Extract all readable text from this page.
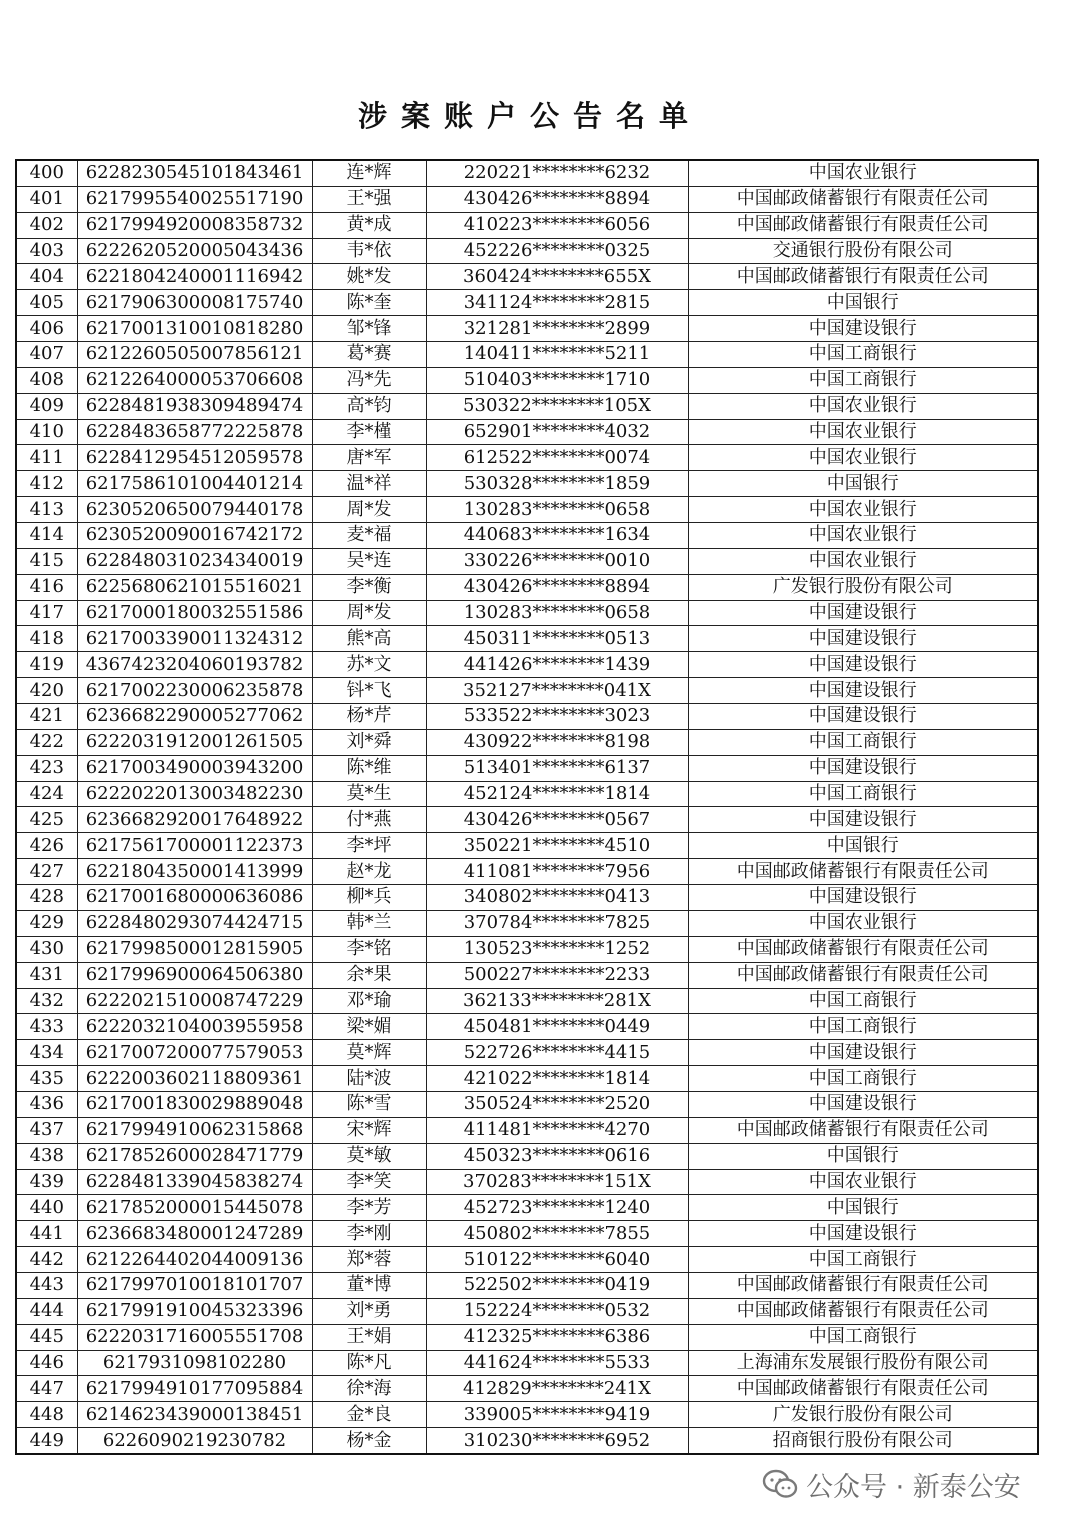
涉案账户公告名单
400	6228230545101843461	连*辉	220221********6232	中国农业银行
401	6217995540025517190	王*强	430426********8894	中国邮政储蓄银行有限责任公司
402	6217994920008358732	黄*成	410223********6056	中国邮政储蓄银行有限责任公司
403	6222620520005043436	韦*依	452226********0325	交通银行股份有限公司
404	6221804240001116942	姚*发	360424********655X	中国邮政储蓄银行有限责任公司
405	6217906300008175740	陈*奎	341124********2815	中国银行
406	6217001310010818280	邹*锋	321281********2899	中国建设银行
407	6212260505007856121	葛*赛	140411********5211	中国工商银行
408	6212264000053706608	冯*先	510403********1710	中国工商银行
409	6228481938309489474	高*钧	530322********105X	中国农业银行
410	6228483658772225878	李*槿	652901********4032	中国农业银行
411	6228412954512059578	唐*军	612522********0074	中国农业银行
412	6217586101004401214	温*祥	530328********1859	中国银行
413	6230520650079440178	周*发	130283********0658	中国农业银行
414	6230520090016742172	麦*福	440683********1634	中国农业银行
415	6228480310234340019	吴*连	330226********0010	中国农业银行
416	6225680621015516021	李*衡	430426********8894	广发银行股份有限公司
417	6217000180032551586	周*发	130283********0658	中国建设银行
418	6217003390011324312	熊*高	450311********0513	中国建设银行
419	4367423204060193782	苏*文	441426********1439	中国建设银行
420	6217002230006235878	钭*飞	352127********041X	中国建设银行
421	6236682290005277062	杨*芹	533522********3023	中国建设银行
422	6222031912001261505	刘*舜	430922********8198	中国工商银行
423	6217003490003943200	陈*维	513401********6137	中国建设银行
424	6222022013003482230	莫*生	452124********1814	中国工商银行
425	6236682920017648922	付*燕	430426********0567	中国建设银行
426	6217561700001122373	李*坪	350221********4510	中国银行
427	6221804350001413999	赵*龙	411081********7956	中国邮政储蓄银行有限责任公司
428	6217001680000636086	柳*兵	340802********0413	中国建设银行
429	6228480293074424715	韩*兰	370784********7825	中国农业银行
430	6217998500012815905	李*铭	130523********1252	中国邮政储蓄银行有限责任公司
431	6217996900064506380	余*果	500227********2233	中国邮政储蓄银行有限责任公司
432	6222021510008747229	邓*瑜	362133********281X	中国工商银行
433	6222032104003955958	梁*媚	450481********0449	中国工商银行
434	6217007200077579053	莫*辉	522726********4415	中国建设银行
435	6222003602118809361	陆*波	421022********1814	中国工商银行
436	6217001830029889048	陈*雪	350524********2520	中国建设银行
437	6217994910062315868	宋*辉	411481********4270	中国邮政储蓄银行有限责任公司
438	6217852600028471779	莫*敏	450323********0616	中国银行
439	6228481339045838274	李*笑	370283********151X	中国农业银行
440	6217852000015445078	李*芳	452723********1240	中国银行
441	6236683480001247289	李*刚	450802********7855	中国建设银行
442	6212264402044009136	郑*蓉	510122********6040	中国工商银行
443	6217997010018101707	董*博	522502********0419	中国邮政储蓄银行有限责任公司
444	6217991910045323396	刘*勇	152224********0532	中国邮政储蓄银行有限责任公司
445	6222031716005551708	王*娟	412325********6386	中国工商银行
446	6217931098102280	陈*凡	441624********5533	上海浦东发展银行股份有限公司
447	6217994910177095884	徐*海	412829********241X	中国邮政储蓄银行有限责任公司
448	6214623439000138451	金*良	339005********9419	广发银行股份有限公司
449	6226090219230782	杨*金	310230********6952	招商银行股份有限公司
公众号 · 新泰公安
